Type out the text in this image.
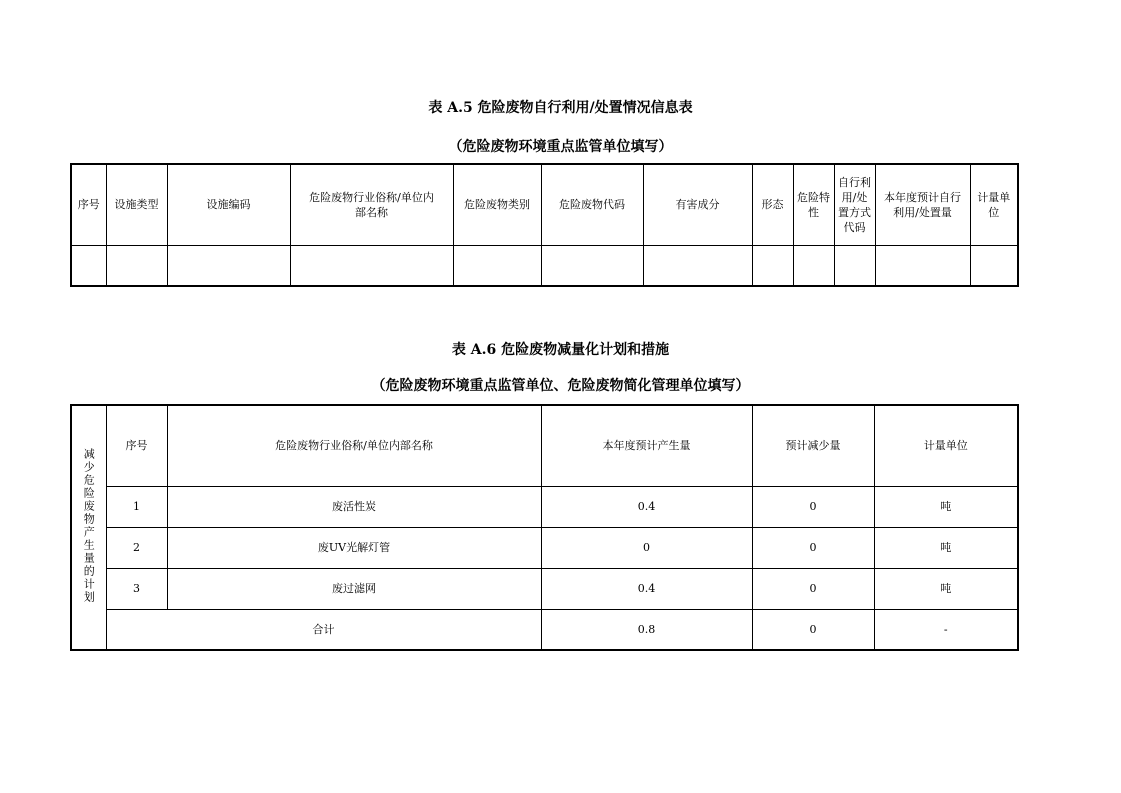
表 A.5 危险废物自行利用/处置情况信息表
（危险废物环境重点监管单位填写）
序号	设施类型	设施编码	危险废物行业俗称/单位内部名称	危险废物类别	危险废物代码	有害成分	形态	危险特性	自行利用/处置方式代码	本年度预计自行利用/处置量	计量单位

表 A.6 危险废物减量化计划和措施
（危险废物环境重点监管单位、危险废物简化管理单位填写）
减少危险废物产生量的计划	序号	危险废物行业俗称/单位内部名称	本年度预计产生量	预计减少量	计量单位
	1	废活性炭	0.4	0	吨
	2	废UV光解灯管	0	0	吨
	3	废过滤网	0.4	0	吨
	合计		0.8	0	-
